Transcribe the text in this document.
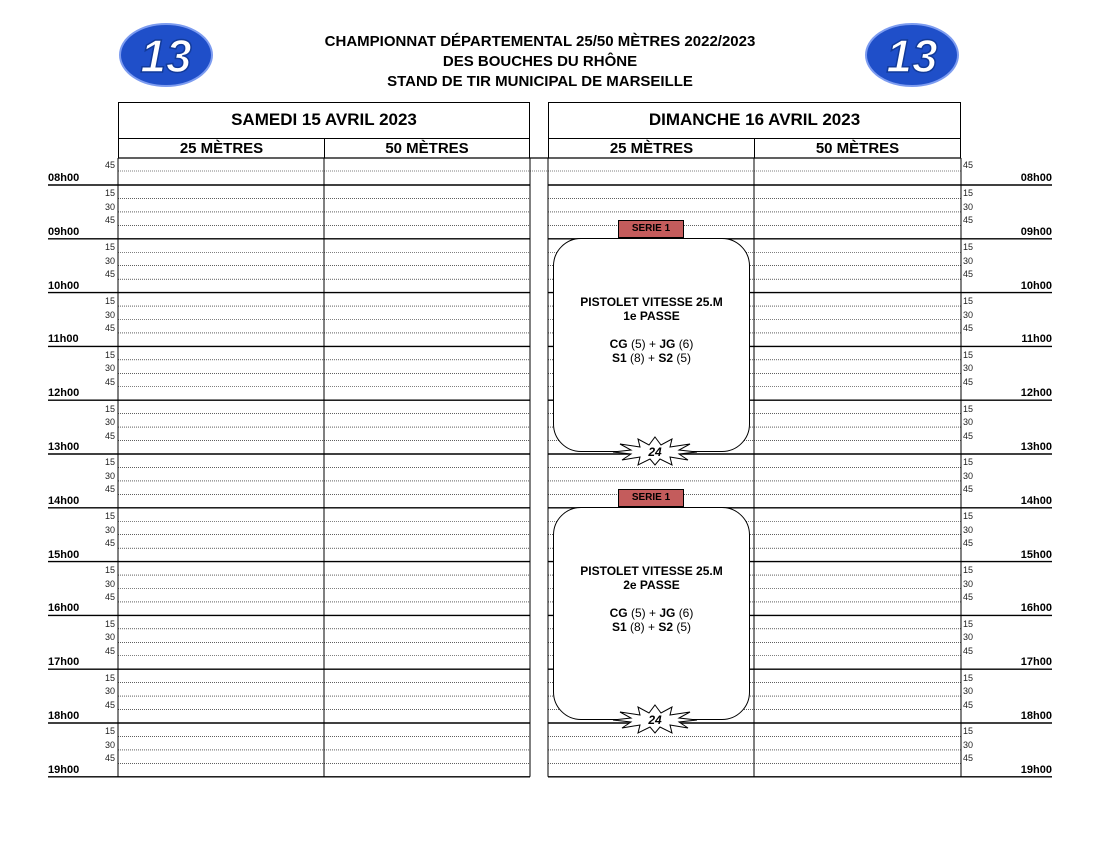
CHAMPIONNAT DÉPARTEMENTAL 25/50 MÈTRES 2022/2023
DES BOUCHES DU RHÔNE
STAND DE TIR MUNICIPAL DE MARSEILLE
13	13
SAMEDI 15 AVRIL 2023	DIMANCHE 16 AVRIL 2023
25 MÈTRES	50 MÈTRES	25 MÈTRES	50 MÈTRES
45	45
08h00	08h00
15	15
30	30
45	45
09h00	09h00
15	15
30	30
45	45
10h00	10h00
15	15
30	30
45	45
11h00	11h00
15	15
30	30
45	45
12h00	12h00
15	15
30	30
45	45
13h00	13h00
15	15
30	30
45	45
14h00	14h00
15	15
30	30
45	45
15h00	15h00
15	15
30	30
45	45
16h00	16h00
15	15
30	30
45	45
17h00	17h00
15	15
30	30
45	45
18h00	18h00
15	15
30	30
45	45
19h00	19h00
SERIE 1
PISTOLET VITESSE 25.M
1e PASSE
CG (5) + JG (6)
S1 (8) + S2 (5)
24
SERIE 1
PISTOLET VITESSE 25.M
2e PASSE
CG (5) + JG (6)
S1 (8) + S2 (5)
24
